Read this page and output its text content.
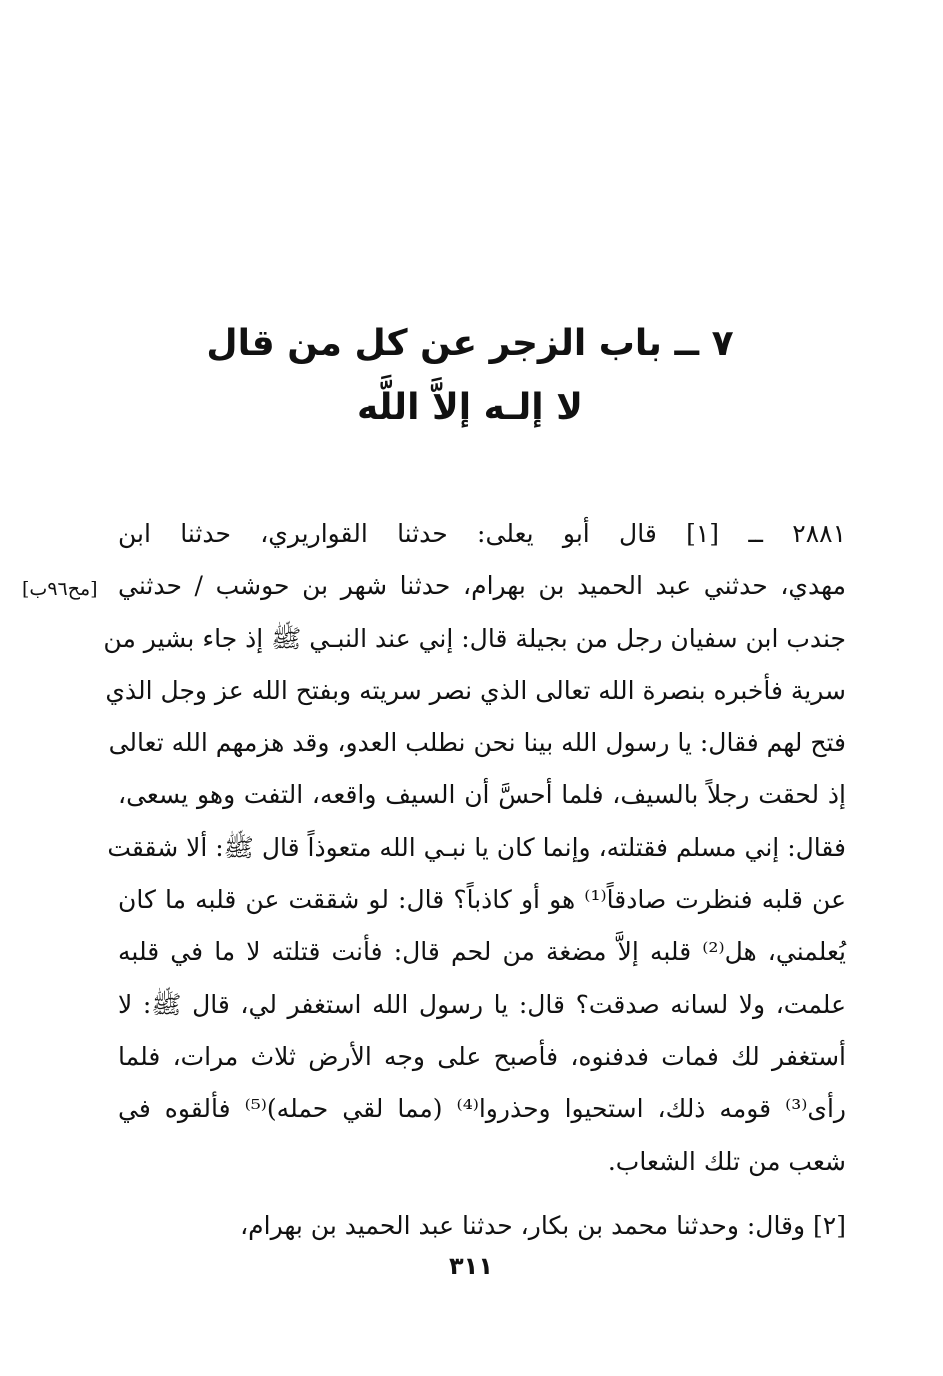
٧ ــ باب الزجر عن كل من قال
لا إلـه إلاَّ اللَّه
[مح٩٦ب]
٢٨٨١ ــ [١] قال أبو يعلى: حدثنا القواريري، حدثنا ابن
مهدي، حدثني عبد الحميد بن بهرام، حدثنا شهر بن حوشب / حدثني
جندب ابن سفيان رجل من بجيلة قال: إني عند النبـي ﷺ إذ جاء بشير من
سرية فأخبره بنصرة الله تعالى الذي نصر سريته وبفتح الله عز وجل الذي
فتح لهم فقال: يا رسول الله بينا نحن نطلب العدو، وقد هزمهم الله تعالى
إذ لحقت رجلاً بالسيف، فلما أحسَّ أن السيف واقعه، التفت وهو يسعى،
فقال: إني مسلم فقتلته، وإنما كان يا نبـي الله متعوذاً قال ﷺ: ألا شققت
عن قلبه فنظرت صادقاً⁽¹⁾ هو أو كاذباً؟ قال: لو شققت عن قلبه ما كان
يُعلمني، هل⁽²⁾ قلبه إلاَّ مضغة من لحم قال: فأنت قتلته لا ما في قلبه
علمت، ولا لسانه صدقت؟ قال: يا رسول الله استغفر لي، قال ﷺ: لا
أستغفر لك فمات فدفنوه، فأصبح على وجه الأرض ثلاث مرات، فلما
رأى⁽³⁾ قومه ذلك، استحيوا وحذروا⁽⁴⁾ (مما لقي حمله)⁽⁵⁾ فألقوه في
شعب من تلك الشعاب.
[٢] وقال: وحدثنا محمد بن بكار، حدثنا عبد الحميد بن بهرام،
٣١١
